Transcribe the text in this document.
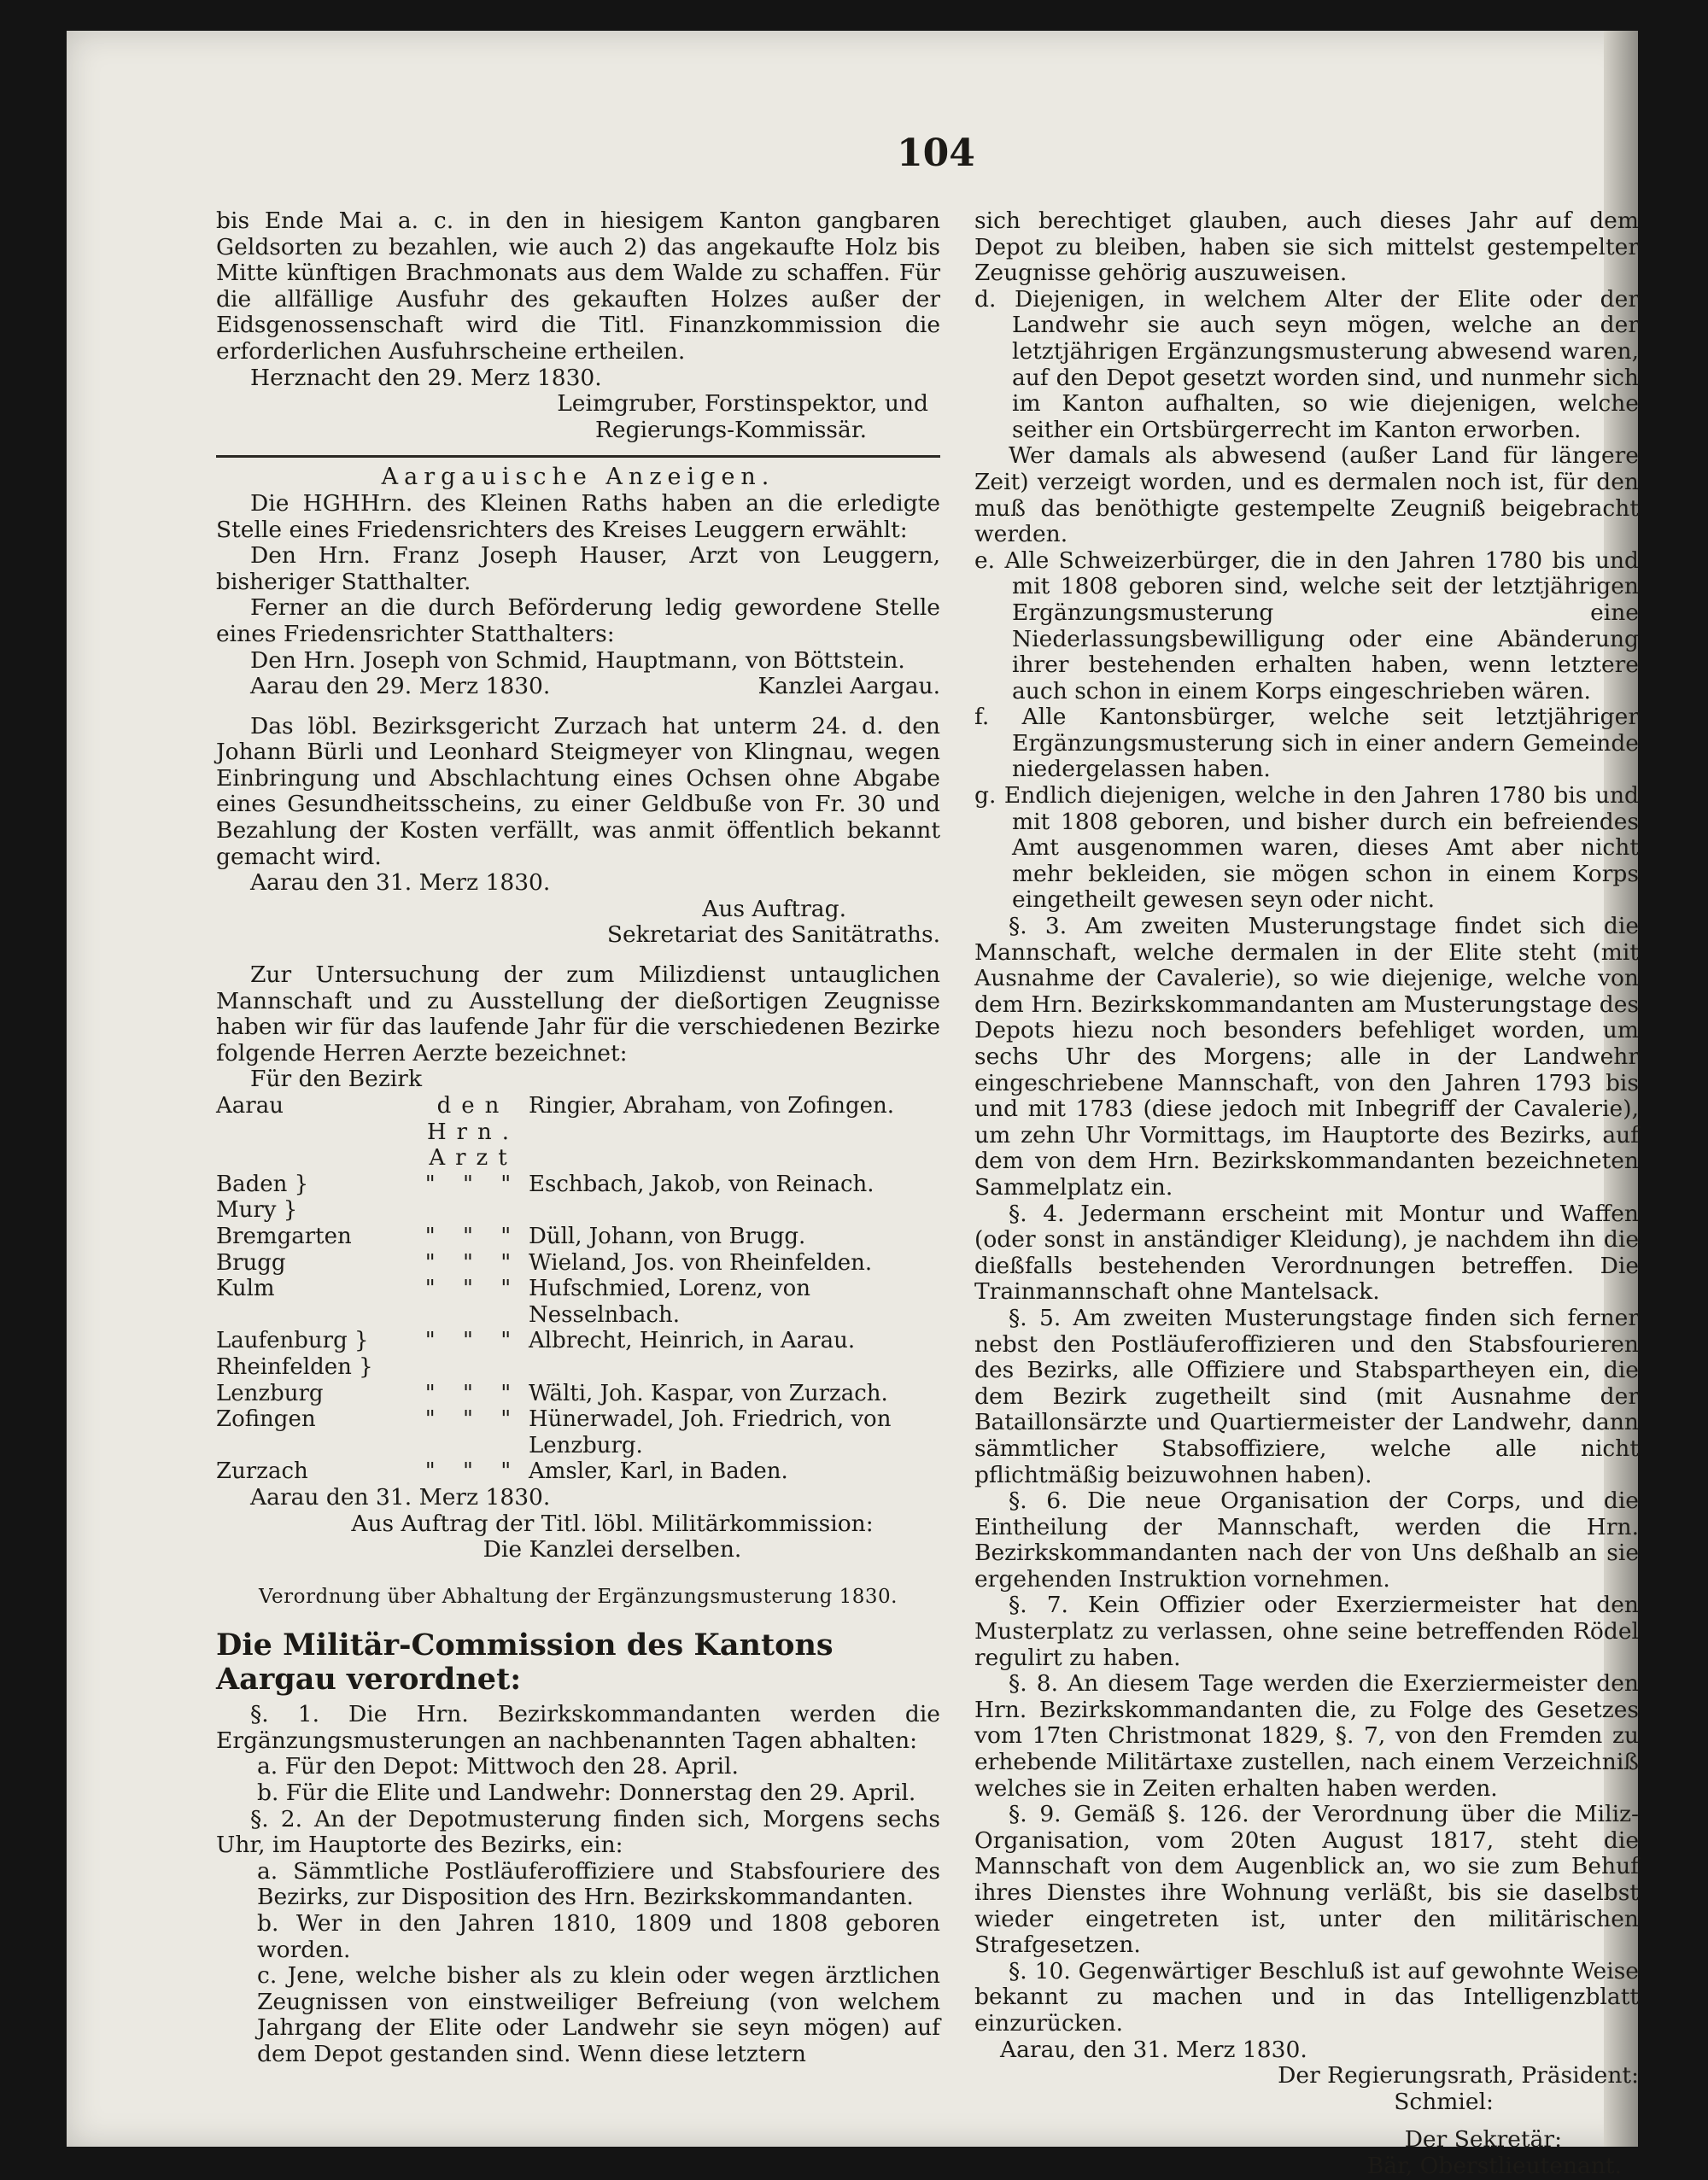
104

bis Ende Mai a. c. in den in hiesigem Kanton gangbaren Geldsorten zu bezahlen, wie auch 2) das angekaufte Holz bis Mitte künftigen Brachmonats aus dem Walde zu schaffen. Für die allfällige Ausfuhr des gekauften Holzes außer der Eidsgenossenschaft wird die Titl. Finanzkommission die erforderlichen Ausfuhrscheine ertheilen.

Herznacht den 29. Merz 1830.

Leimgruber, Forstinspektor, und

Regierungs-Kommissär.

Aargauische Anzeigen.

Die HGHHrn. des Kleinen Raths haben an die erledigte Stelle eines Friedensrichters des Kreises Leuggern erwählt:

Den Hrn. Franz Joseph Hauser, Arzt von Leuggern, bisheriger Statthalter.

Ferner an die durch Beförderung ledig gewordene Stelle eines Friedensrichter Statthalters:

Den Hrn. Joseph von Schmid, Hauptmann, von Böttstein.

Aarau den 29. Merz 1830.	Kanzlei Aargau.

Das löbl. Bezirksgericht Zurzach hat unterm 24. d. den Johann Bürli und Leonhard Steigmeyer von Klingnau, wegen Einbringung und Abschlachtung eines Ochsen ohne Abgabe eines Gesundheitsscheins, zu einer Geldbuße von Fr. 30 und Bezahlung der Kosten verfällt, was anmit öffentlich bekannt gemacht wird.

Aarau den 31. Merz 1830.

Aus Auftrag.

Sekretariat des Sanitätraths.

Zur Untersuchung der zum Milizdienst untauglichen Mannschaft und zu Ausstellung der dießortigen Zeugnisse haben wir für das laufende Jahr für die verschiedenen Bezirke folgende Herren Aerzte bezeichnet:

Für den Bezirk

Aarau	den Hrn. Arzt	Ringier, Abraham, von Zofingen.
Baden }	" " "	Eschbach, Jakob, von Reinach.
Mury }		
Bremgarten	" " "	Düll, Johann, von Brugg.
Brugg	" " "	Wieland, Jos. von Rheinfelden.
Kulm	" " "	Hufschmied, Lorenz, von Nesselnbach.
Laufenburg }	" " "	Albrecht, Heinrich, in Aarau.
Rheinfelden }		
Lenzburg	" " "	Wälti, Joh. Kaspar, von Zurzach.
Zofingen	" " "	Hünerwadel, Joh. Friedrich, von Lenzburg.
Zurzach	" " "	Amsler, Karl, in Baden.

Aarau den 31. Merz 1830.

Aus Auftrag der Titl. löbl. Militärkommission:

Die Kanzlei derselben.

Verordnung über Abhaltung der Ergänzungsmusterung 1830.

Die Militär-Commission des Kantons Aargau verordnet:

§. 1. Die Hrn. Bezirkskommandanten werden die Ergänzungsmusterungen an nachbenannten Tagen abhalten:

a. Für den Depot: Mittwoch den 28. April.

b. Für die Elite und Landwehr: Donnerstag den 29. April.

§. 2. An der Depotmusterung finden sich, Morgens sechs Uhr, im Hauptorte des Bezirks, ein:

a. Sämmtliche Postläuferoffiziere und Stabsfouriere des Bezirks, zur Disposition des Hrn. Bezirkskommandanten.

b. Wer in den Jahren 1810, 1809 und 1808 geboren worden.

c. Jene, welche bisher als zu klein oder wegen ärztlichen Zeugnissen von einstweiliger Befreiung (von welchem Jahrgang der Elite oder Landwehr sie seyn mögen) auf dem Depot gestanden sind. Wenn diese letztern

sich berechtiget glauben, auch dieses Jahr auf dem Depot zu bleiben, haben sie sich mittelst gestempelter Zeugnisse gehörig auszuweisen.

d. Diejenigen, in welchem Alter der Elite oder der Landwehr sie auch seyn mögen, welche an der letztjährigen Ergänzungsmusterung abwesend waren, auf den Depot gesetzt worden sind, und nunmehr sich im Kanton aufhalten, so wie diejenigen, welche seither ein Ortsbürgerrecht im Kanton erworben.

Wer damals als abwesend (außer Land für längere Zeit) verzeigt worden, und es dermalen noch ist, für den muß das benöthigte gestempelte Zeugniß beigebracht werden.

e. Alle Schweizerbürger, die in den Jahren 1780 bis und mit 1808 geboren sind, welche seit der letztjährigen Ergänzungsmusterung eine Niederlassungsbewilligung oder eine Abänderung ihrer bestehenden erhalten haben, wenn letztere auch schon in einem Korps eingeschrieben wären.

f. Alle Kantonsbürger, welche seit letztjähriger Ergänzungsmusterung sich in einer andern Gemeinde niedergelassen haben.

g. Endlich diejenigen, welche in den Jahren 1780 bis und mit 1808 geboren, und bisher durch ein befreiendes Amt ausgenommen waren, dieses Amt aber nicht mehr bekleiden, sie mögen schon in einem Korps eingetheilt gewesen seyn oder nicht.

§. 3. Am zweiten Musterungstage findet sich die Mannschaft, welche dermalen in der Elite steht (mit Ausnahme der Cavalerie), so wie diejenige, welche von dem Hrn. Bezirkskommandanten am Musterungstage des Depots hiezu noch besonders befehliget worden, um sechs Uhr des Morgens; alle in der Landwehr eingeschriebene Mannschaft, von den Jahren 1793 bis und mit 1783 (diese jedoch mit Inbegriff der Cavalerie), um zehn Uhr Vormittags, im Hauptorte des Bezirks, auf dem von dem Hrn. Bezirkskommandanten bezeichneten Sammelplatz ein.

§. 4. Jedermann erscheint mit Montur und Waffen (oder sonst in anständiger Kleidung), je nachdem ihn die dießfalls bestehenden Verordnungen betreffen. Die Trainmannschaft ohne Mantelsack.

§. 5. Am zweiten Musterungstage finden sich ferner nebst den Postläuferoffizieren und den Stabsfourieren des Bezirks, alle Offiziere und Stabspartheyen ein, die dem Bezirk zugetheilt sind (mit Ausnahme der Bataillonsärzte und Quartiermeister der Landwehr, dann sämmtlicher Stabsoffiziere, welche alle nicht pflichtmäßig beizuwohnen haben).

§. 6. Die neue Organisation der Corps, und die Eintheilung der Mannschaft, werden die Hrn. Bezirkskommandanten nach der von Uns deßhalb an sie ergehenden Instruktion vornehmen.

§. 7. Kein Offizier oder Exerziermeister hat den Musterplatz zu verlassen, ohne seine betreffenden Rödel regulirt zu haben.

§. 8. An diesem Tage werden die Exerziermeister den Hrn. Bezirkskommandanten die, zu Folge des Gesetzes vom 17ten Christmonat 1829, §. 7, von den Fremden zu erhebende Militärtaxe zustellen, nach einem Verzeichniß welches sie in Zeiten erhalten haben werden.

§. 9. Gemäß §. 126. der Verordnung über die Miliz-Organisation, vom 20ten August 1817, steht die Mannschaft von dem Augenblick an, wo sie zum Behuf ihres Dienstes ihre Wohnung verläßt, bis sie daselbst wieder eingetreten ist, unter den militärischen Strafgesetzen.

§. 10. Gegenwärtiger Beschluß ist auf gewohnte Weise bekannt zu machen und in das Intelligenzblatt einzurücken.

Aarau, den 31. Merz 1830.

Der Regierungsrath, Präsident:

Schmiel:

Der Sekretär:

Bär, Oberstlieutenant.
